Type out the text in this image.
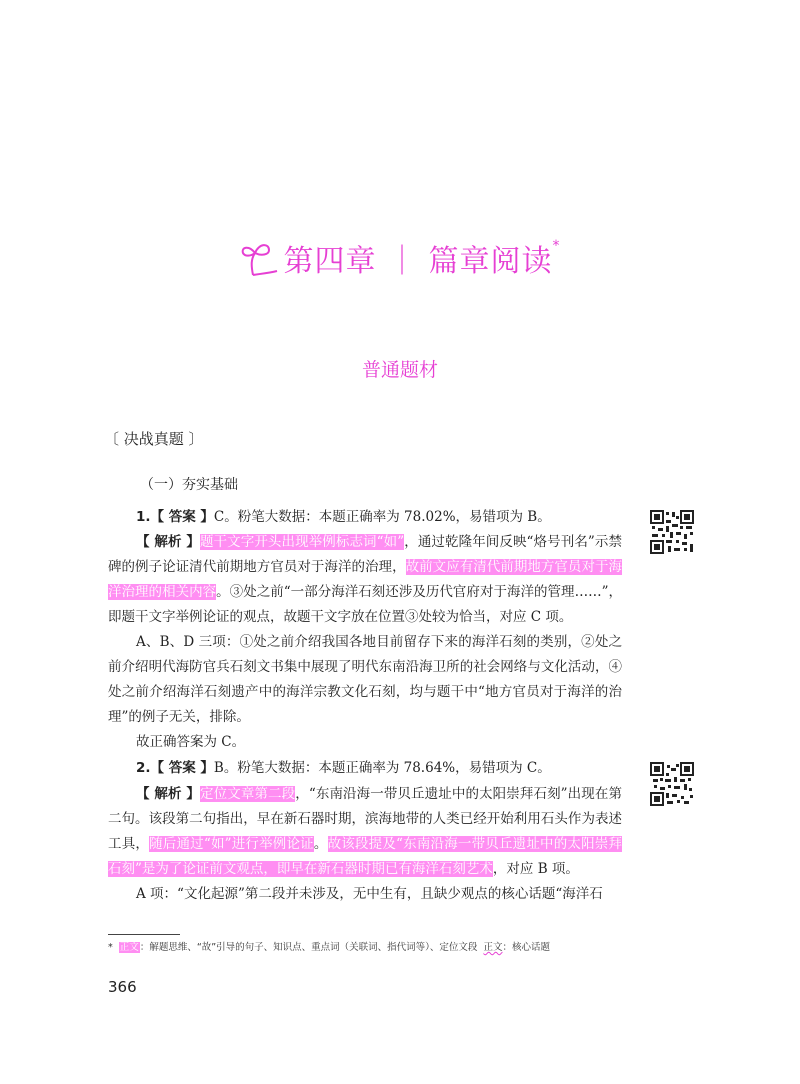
第四章 ｜ 篇章阅读*
普通题材
〔 决战真题 〕
（一）夯实基础
1.【 答案 】C。粉笔大数据：本题正确率为 78.02%，易错项为 B。
【 解析 】题干文字开头出现举例标志词“如”，通过乾隆年间反映“烙号刊名”示禁碑的例子论证清代前期地方官员对于海洋的治理，故前文应有清代前期地方官员对于海洋治理的相关内容。③处之前“一部分海洋石刻还涉及历代官府对于海洋的管理……”，即题干文字举例论证的观点，故题干文字放在位置③处较为恰当，对应 C 项。
A、B、D 三项：①处之前介绍我国各地目前留存下来的海洋石刻的类别，②处之前介绍明代海防官兵石刻文书集中展现了明代东南沿海卫所的社会网络与文化活动，④处之前介绍海洋石刻遗产中的海洋宗教文化石刻，均与题干中“地方官员对于海洋的治理”的例子无关，排除。
故正确答案为 C。
2.【 答案 】B。粉笔大数据：本题正确率为 78.64%，易错项为 C。
【 解析 】定位文章第二段，“东南沿海一带贝丘遗址中的太阳崇拜石刻”出现在第二句。该段第二句指出，早在新石器时期，滨海地带的人类已经开始利用石头作为表述工具，随后通过“如”进行举例论证。故该段提及“东南沿海一带贝丘遗址中的太阳崇拜石刻”是为了论证前文观点，即早在新石器时期已有海洋石刻艺术，对应 B 项。
A 项：“文化起源”第二段并未涉及，无中生有，且缺少观点的核心话题“海洋石
* 正文：解题思维、“故”引导的句子、知识点、重点词（关联词、指代词等）、定位文段 正文：核心话题
366
